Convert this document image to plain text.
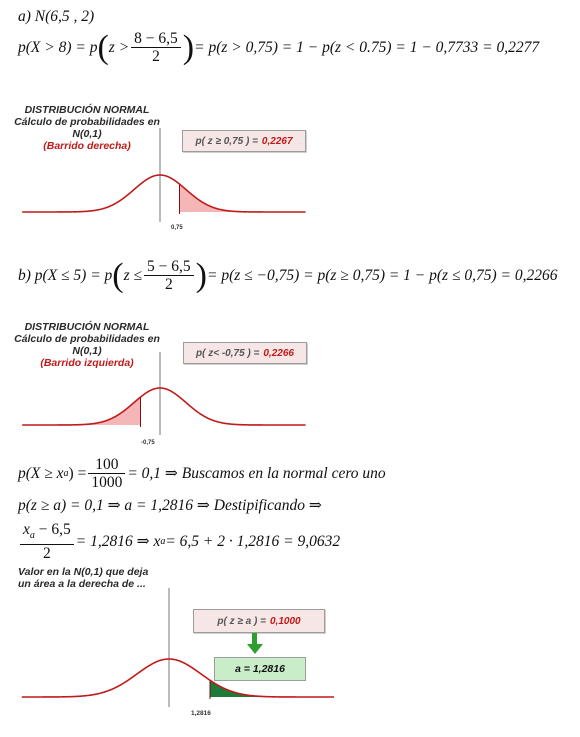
a) N(6,5 , 2)
p(X > 8) = p ( $z > \frac{8 - 6,5}{2}$ ) = p(z > 0,75) = 1 − p(z < 0.75) = 1 − 0,7733 = 0,2277
DISTRIBUCIÓN NORMAL
Cálculo de probabilidades en
N(0,1)
(Barrido derecha)	p( z ≥ 0,75 ) = 0,2267
0,75
b) p(X ≤ 5) = p ( $z \le \frac{5 - 6,5}{2}$ ) = p(z ≤ −0,75) = p(z ≥ 0,75) = 1 − p(z ≤ 0,75) = 0,2266
DISTRIBUCIÓN NORMAL
Cálculo de probabilidades en
N(0,1)
(Barrido izquierda)
p( z< -0,75 ) = 0,2266
-0,75
p(X ≥ x a ) = $\frac{100}{1000} = 0,1$ ⇒ Buscamos en la normal cero uno
p(z ≥ a) = 0,1 ⇒ a = 1,2816 ⇒ Destipificando ⇒
$\frac{x_a - 6,5}{2} = 1,2816$ ⇒ x a = 6,5 + 2 · 1,2816 = 9,0632
Valor en la N(0,1) que deja
un área a la derecha de ...
p( z ≥ a ) = 0,1000
a = 1,2816
1,2816
